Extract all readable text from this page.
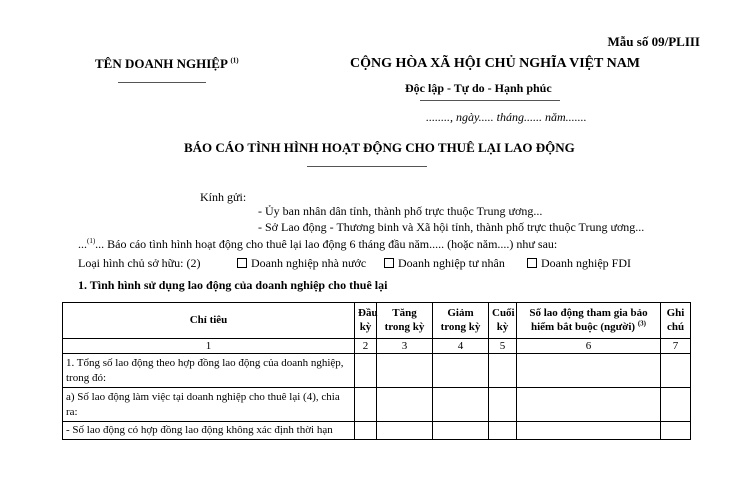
Mẫu số 09/PLIII
TÊN DOANH NGHIỆP $^{(1)}$	CỘNG HÒA XÃ HỘI CHỦ NGHĨA VIỆT NAM
Độc lập - Tự do - Hạnh phúc
........, ngày..... tháng...... năm.......
BÁO CÁO TÌNH HÌNH HOẠT ĐỘNG CHO THUÊ LẠI LAO ĐỘNG
Kính gửi:
- Ủy ban nhân dân tỉnh, thành phố trực thuộc Trung ương...
- Sở Lao động - Thương binh và Xã hội tỉnh, thành phố trực thuộc Trung ương...
...$^{(1)}$... Báo cáo tình hình hoạt động cho thuê lại lao động 6 tháng đầu năm..... (hoặc năm....) như sau:
Loại hình chủ sở hữu: (2)	Doanh nghiệp nhà nước	Doanh nghiệp tư nhân	Doanh nghiệp FDI
1. Tình hình sử dụng lao động của doanh nghiệp cho thuê lại
Chỉ tiêu	Đầu kỳ	Tăng trong kỳ	Giảm trong kỳ	Cuối kỳ	Số lao động tham gia bảo hiểm bắt buộc (người) $^{(3)}$	Ghi chú
1	2	3	4	5	6	7
1. Tổng số lao động theo hợp đồng lao động của doanh nghiệp, trong đó:						
a) Số lao động làm việc tại doanh nghiệp cho thuê lại (4), chia ra:						
- Số lao động có hợp đồng lao động không xác định thời hạn						
